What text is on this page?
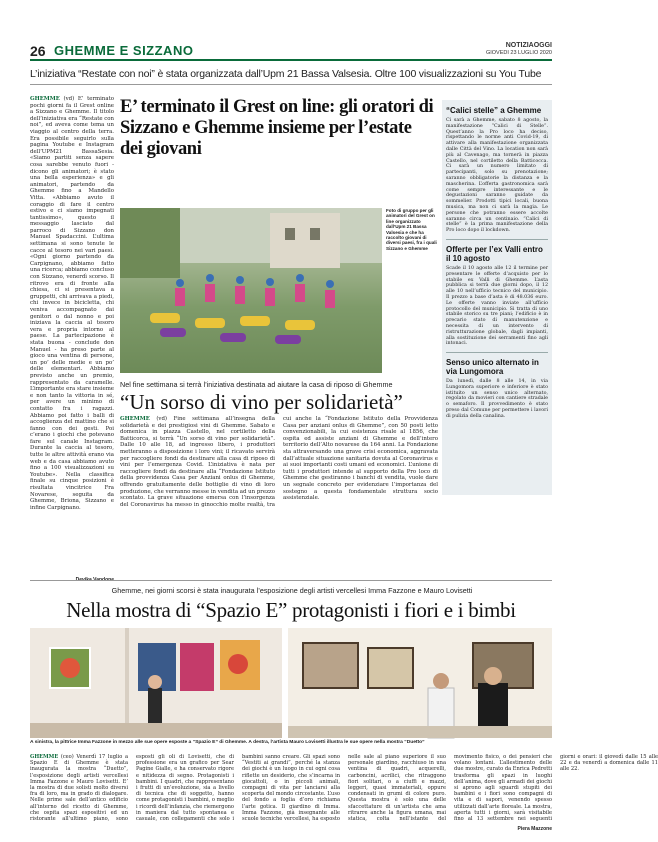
26 GHEMME E SIZZANO	NOTIZIAOGGI
GIOVEDI 23 LUGLIO 2020
L’iniziativa “Restate con noi” è stata organizzata dall’Upm 21 Bassa Valsesia. Oltre 100 visualizzazioni su You Tube
GHEMME (vd) E’ terminato pochi giorni fa il Grest online a Sizzano e Ghemme. Il titolo dell’iniziativa era “Restate con noi”, ed aveva come tema un viaggio al centro della terra. Era possibile seguirlo sulla pagina Youtube e Instagram dell’UPM21 BassaSesia. «Siamo partiti senza sapere cosa sarebbe venuto fuori - dicono gli animatori; è stato una bella esperienza» e gli animatori, partendo da Ghemme fino a Mandello Vitta. «Abbiamo avuto il coraggio di fare il centro estivo e ci siamo impegnati tantissimo», questo il messaggio lasciato dal parroco di Sizzano don Manuel Spadaccini. L’ultima settimana si sono tenute le cacce al tesoro nei vari paesi. «Ogni giorno partendo da Carpignano, abbiamo fatto una ricerca; abbiamo concluso con Sizzano, venerdì scorso. Il ritrovo era di fronte alla chiesa, ci si presentava a gruppetti, chi arrivava a piedi, chi invece in bicicletta, chi veniva accompagnato dai genitori o dal nonno e poi iniziava la caccia al tesoro vera e propria intorno al paese. La partecipazione è stata buona - conclude don Manuel - ha preso parte al gioco una ventina di persone, un po’ delle medie e un po’ delle elementari. Abbiamo previsto anche un premio, rappresentato da caramelle. L’importante era stare insieme e non tanto la vittoria in sé, per avere un minimo di contatto fra i ragazzi. Abbiamo poi fatto i balli di accoglienza del mattino che si fanno con dei gesti. Poi c’erano i giochi che potevano fare sul canale Instagram. Durante la caccia al tesoro, tutte le altre attività erano via web e da casa abbiamo avuto fino a 100 visualizzazioni su Youtube». Nella classifica finale su cinque posizioni è risultata vincitrice Fra Novarese, seguita da Ghemme, Briona, Sizzano e infine Carpignano.
Devika Vandone
E’ terminato il Grest on line: gli oratori di Sizzano e Ghemme insieme per l’estate dei giovani
Foto di gruppo per gli animatori del Grest on line organizzato dall’Upm 21 Bassa Valsesia e che ha raccolto giovani di diversi paesi, fra i quali Sizzano e Ghemme
Nel fine settimana si terrà l’iniziativa destinata ad aiutare la casa di riposo di Ghemme
“Un sorso di vino per solidarietà”
GHEMME (vd) Fine settimana all’insegna della solidarietà e dei prestigiosi vini di Ghemme. Sabato e domenica in piazza Castello, nel cortiletto della Batticorca, si terrà “Un sorso di vino per solidarietà”. Dalle 10 alle 18, ad ingresso libero, i produttori metteranno a disposizione i loro vini; il ricavato servirà per raccogliere fondi da destinare alla casa di riposo di vini per l’emergenza Covid. L’iniziativa è nata per raccogliere fondi da destinare alla “Fondazione Istituto della provvidenza Casa per Anziani onlus di Ghemme, offrendo gratuitamente delle bottiglie di vino di loro produzione, che verranno messe in vendita ad un prezzo scontato. La grave situazione emersa con l’insorgenza del Coronavirus ha messo in ginocchio molte realtà, tra cui anche la “Fondazione Istituto della Provvidenza Casa per anziani onlus di Ghemme”, con 50 posti letto convenzionabili, la cui esistenza risale al 1856, che ospita ed assiste anziani di Ghemme e dell’intero territorio dell’Alto novarese da 164 anni. La Fondazione sta attraversando una grave crisi economica, aggravata dall’attuale situazione sanitaria dovuta al Coronavirus e ai suoi importanti costi umani ed economici. L’unione di tutti i produttori intende al supporto della Pro loco di Ghemme che gestiranno i banchi di vendita, vuole dare un segnale concreto per evidenziare l’importanza del sostegno a questa fondamentale struttura socio assistenziale.
“Calici stelle” a Ghemme
Ci sarà a Ghemme, sabato 8 agosto, la manifestazione “Calici di Stelle”. Quest’anno la Pro loco ha deciso, rispettando le norme anti Covid-19, di attivare alla manifestazione organizzata dalle Città del Vino. La location non sarà più al Cavenago, ma tornerà in piazza Castello, nel cortiletto della Batticocca. Ci sarà un numero limitato di partecipanti, solo su prenotazione; saranno obbligatorie la distanza e la mascherina. L’offerta gastronomica sarà come sempre interessante e le degustazioni saranno guidate da sommelier. Prodotti tipici locali, buona musica, ma non ci sarà la magia. Le persone che potranno essere accolte saranno circa un centinaio. “Calici di stelle” è la prima manifestazione della Pro loco dopo il lockdown.
Offerte per l’ex Valli entro il 10 agosto
Scade il 10 agosto alle 12 il termine per presentare le offerte d’acquisto per lo stabile ex Valli di Ghemme. L’asta pubblica si terrà due giorni dopo, il 12 alle 10 nell’ufficio tecnico del municipio. Il prezzo a base d’asta è di 48.036 euro. Le offerte vanno inviate all’ufficio protocollo del municipio. Si tratta di uno stabile storico su tre piani; l’edificio è in precario stato di manutenzione e necessita di un intervento di ristrutturazione globale, dagli impianti, alla sostituzione dei serramenti fino agli intonaci.
Senso unico alternato in via Lungomora
Da lunedì, dalle 8 alle 14, in via Lungomora superiore e inferiore è stato istituito un senso unico alternato, regolato da movieri con cantiere stradale o semaforo. Il provvedimento è stato preso dal Comune per permettere i lavori di pulizia della canalina.
Ghemme, nei giorni scorsi è stata inaugurata l’esposizione degli artisti vercellesi Imma Fazzone e Mauro Lovisetti
Nella mostra di “Spazio E” protagonisti i fiori e i bimbi
A sinistra, la pittrice Imma Fazzone in mezzo alle sue opere esposte a “Spazio E” di Ghemme. A destra, l’artista Mauro Lovisetti illustra le sue opere nella mostra “Duetto”
GHEMME (ceo) Venerdì 17 luglio a Spazio E di Ghemme è stata inaugurata la mostra “Duetto”, l’esposizione degli artisti vercellesi Imma Fazzone e Mauro Lovisetti. E’ la mostra di due solisti molto diversi fra di loro, ma in grado di dialogare. Nelle prime sale dell’antico edificio all’interno del ricetto di Ghemme, che ospita spazi espositivi ed un ristorante all’ultimo piano, sono esposti gli oli di Lovisetti, che di professione era un grafico per Sear Pagine Gialle, e ha conservato rigore e nitidezza di segno. Protagonisti i bambini. I quadri, che rappresentano i frutti di un’evoluzione, sia a livello di tecnica che di soggetto, hanno come protagonisti i bambini, o meglio i ricordi dell’infanzia, che riemergono in maniera dal tutto spontanea e casuale, con collegamenti che solo i bambini sanno creare. Gli spazi sono “Vestiti ai grandi”, perché la stanza dei giochi è un luogo in cui ogni cosa riflette un desiderio, che s’incarna in giocattoli, o in piccoli animali, compagni di vita per lanciarsi alla scoperta del mondo circostante. L’uso del fondo a foglia d’oro richiama l’arte gotica. Il giardino di Imma. Imma Fazzone, già insegnante alle scuole tecniche vercellesi, ha esposto nelle sale al piano superiore il suo personale giardino, racchiuso in una ventina di quadri, acquerelli, carboncini, acrilici, che ritraggono fiori solitari, o a ciuffi e mazzi, leggeri, quasi immateriali, oppure condensati in grumi di colore puro. Questa mostra è solo una delle sfaccettature di un’artista che ama ritrarre anche la figura umana, mai statica, colta nell’istante del movimento fisico, o dei pensieri che volano lontani. L’allestimento delle due mostre, curato da Enrica Pedretti trasforma gli spazi in luoghi dell’anima, dove gli armadi dei giochi si aprono agli sguardi stupiti dei bambini e i fiori sono compagni di vita e di sapori, venendo spesso utilizzati dall’arte floreale. La mostra, aperta tutti i giorni, sarà visitabile fino al 13 settembre nei seguenti giorni e orari: il giovedì dalle 15 alle 22 e da venerdì a domenica dalle 11 alle 22.
Piera Mazzone
